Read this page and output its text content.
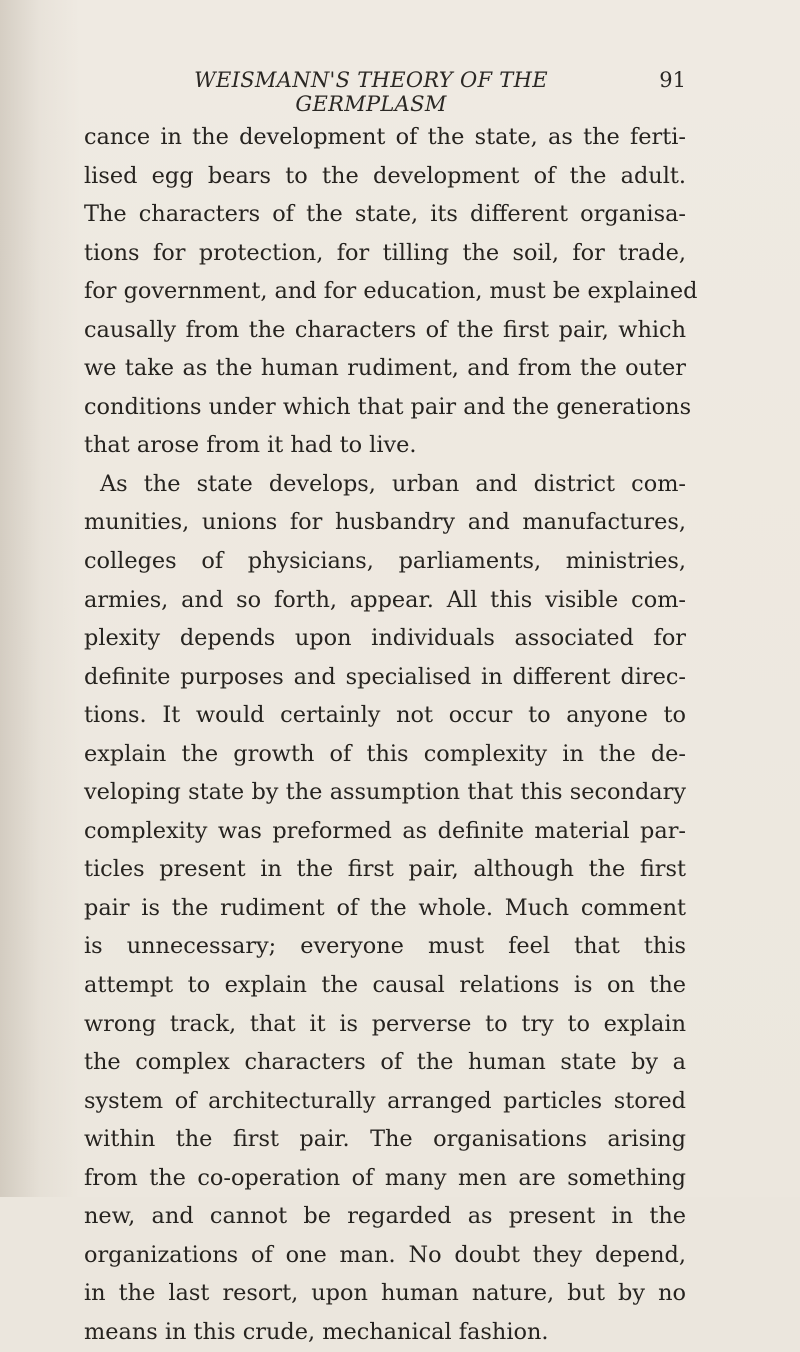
WEISMANN'S THEORY OF THE GERMPLASM
91
cance in the development of the state, as the ferti-
lised egg bears to the development of the adult.
The characters of the state, its different organisa-
tions for protection, for tilling the soil, for trade,
for government, and for education, must be explained
causally from the characters of the first pair, which
we take as the human rudiment, and from the outer
conditions under which that pair and the generations
that arose from it had to live.
As the state develops, urban and district com-
munities, unions for husbandry and manufactures,
colleges of physicians, parliaments, ministries,
armies, and so forth, appear. All this visible com-
plexity depends upon individuals associated for
definite purposes and specialised in different direc-
tions. It would certainly not occur to anyone to
explain the growth of this complexity in the de-
veloping state by the assumption that this secondary
complexity was preformed as definite material par-
ticles present in the first pair, although the first
pair is the rudiment of the whole. Much comment
is unnecessary; everyone must feel that this
attempt to explain the causal relations is on the
wrong track, that it is perverse to try to explain
the complex characters of the human state by a
system of architecturally arranged particles stored
within the first pair. The organisations arising
from the co-operation of many men are something
new, and cannot be regarded as present in the
organizations of one man. No doubt they depend,
in the last resort, upon human nature, but by no
means in this crude, mechanical fashion.
